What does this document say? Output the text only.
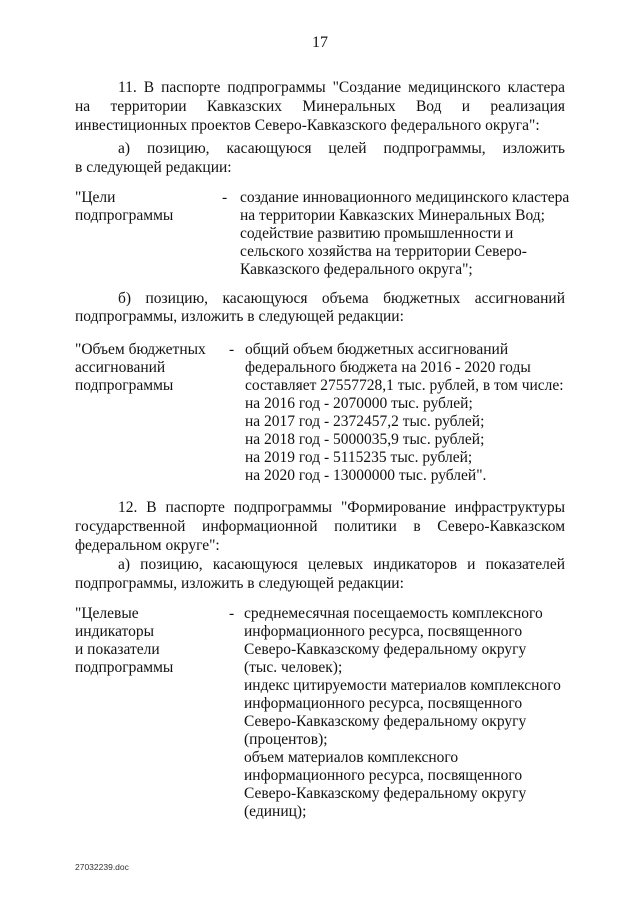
17
11. В паспорте подпрограммы "Создание медицинского кластера
на территории Кавказских Минеральных Вод и реализация
инвестиционных проектов Северо-Кавказского федерального округа":
а) позицию, касающуюся целей подпрограммы, изложить
в следующей редакции:
"Цели
подпрограммы
- создание инновационного медицинского кластера
на территории Кавказских Минеральных Вод;
содействие развитию промышленности и
сельского хозяйства на территории Северо-
Кавказского федерального округа";
б) позицию, касающуюся объема бюджетных ассигнований
подпрограммы, изложить в следующей редакции:
"Объем бюджетных
ассигнований
подпрограммы
- общий объем бюджетных ассигнований
федерального бюджета на 2016 - 2020 годы
составляет 27557728,1 тыс. рублей, в том числе:
на 2016 год - 2070000 тыс. рублей;
на 2017 год - 2372457,2 тыс. рублей;
на 2018 год - 5000035,9 тыс. рублей;
на 2019 год - 5115235 тыс. рублей;
на 2020 год - 13000000 тыс. рублей".
12. В паспорте подпрограммы "Формирование инфраструктуры
государственной информационной политики в Северо-Кавказском
федеральном округе":
а) позицию, касающуюся целевых индикаторов и показателей
подпрограммы, изложить в следующей редакции:
"Целевые
индикаторы
и показатели
подпрограммы
- среднемесячная посещаемость комплексного
информационного ресурса, посвященного
Северо-Кавказскому федеральному округу
(тыс. человек);
индекс цитируемости материалов комплексного
информационного ресурса, посвященного
Северо-Кавказскому федеральному округу
(процентов);
объем материалов комплексного
информационного ресурса, посвященного
Северо-Кавказскому федеральному округу
(единиц);
27032239.doc
